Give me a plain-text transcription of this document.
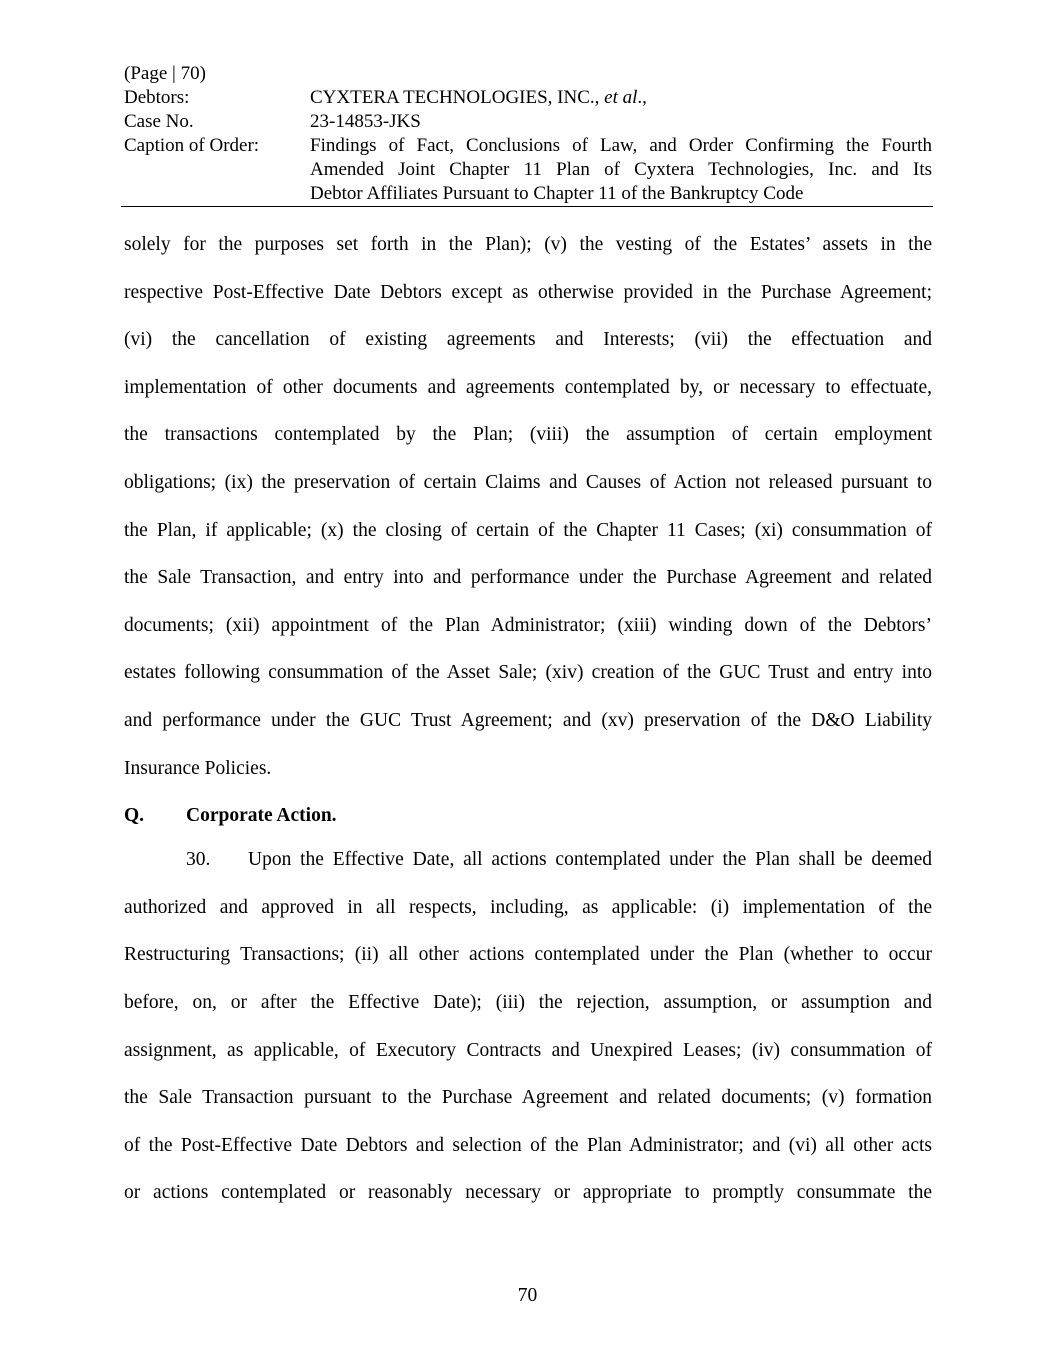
(Page | 70)
Debtors:	CYXTERA TECHNOLOGIES, INC., et al.,
Case No.	23-14853-JKS
Caption of Order:	Findings of Fact, Conclusions of Law, and Order Confirming the Fourth
Amended Joint Chapter 11 Plan of Cyxtera Technologies, Inc. and Its
Debtor Affiliates Pursuant to Chapter 11 of the Bankruptcy Code
solely for the purposes set forth in the Plan); (v) the vesting of the Estates’ assets in the
respective Post-Effective Date Debtors except as otherwise provided in the Purchase Agreement;
(vi) the cancellation of existing agreements and Interests; (vii) the effectuation and
implementation of other documents and agreements contemplated by, or necessary to effectuate,
the transactions contemplated by the Plan; (viii) the assumption of certain employment
obligations; (ix) the preservation of certain Claims and Causes of Action not released pursuant to
the Plan, if applicable; (x) the closing of certain of the Chapter 11 Cases; (xi) consummation of
the Sale Transaction, and entry into and performance under the Purchase Agreement and related
documents; (xii) appointment of the Plan Administrator; (xiii) winding down of the Debtors’
estates following consummation of the Asset Sale; (xiv) creation of the GUC Trust and entry into
and performance under the GUC Trust Agreement; and (xv) preservation of the D&O Liability
Insurance Policies.
Q. Corporate Action.
30. Upon the Effective Date, all actions contemplated under the Plan shall be deemed
authorized and approved in all respects, including, as applicable: (i) implementation of the
Restructuring Transactions; (ii) all other actions contemplated under the Plan (whether to occur
before, on, or after the Effective Date); (iii) the rejection, assumption, or assumption and
assignment, as applicable, of Executory Contracts and Unexpired Leases; (iv) consummation of
the Sale Transaction pursuant to the Purchase Agreement and related documents; (v) formation
of the Post-Effective Date Debtors and selection of the Plan Administrator; and (vi) all other acts
or actions contemplated or reasonably necessary or appropriate to promptly consummate the
70
